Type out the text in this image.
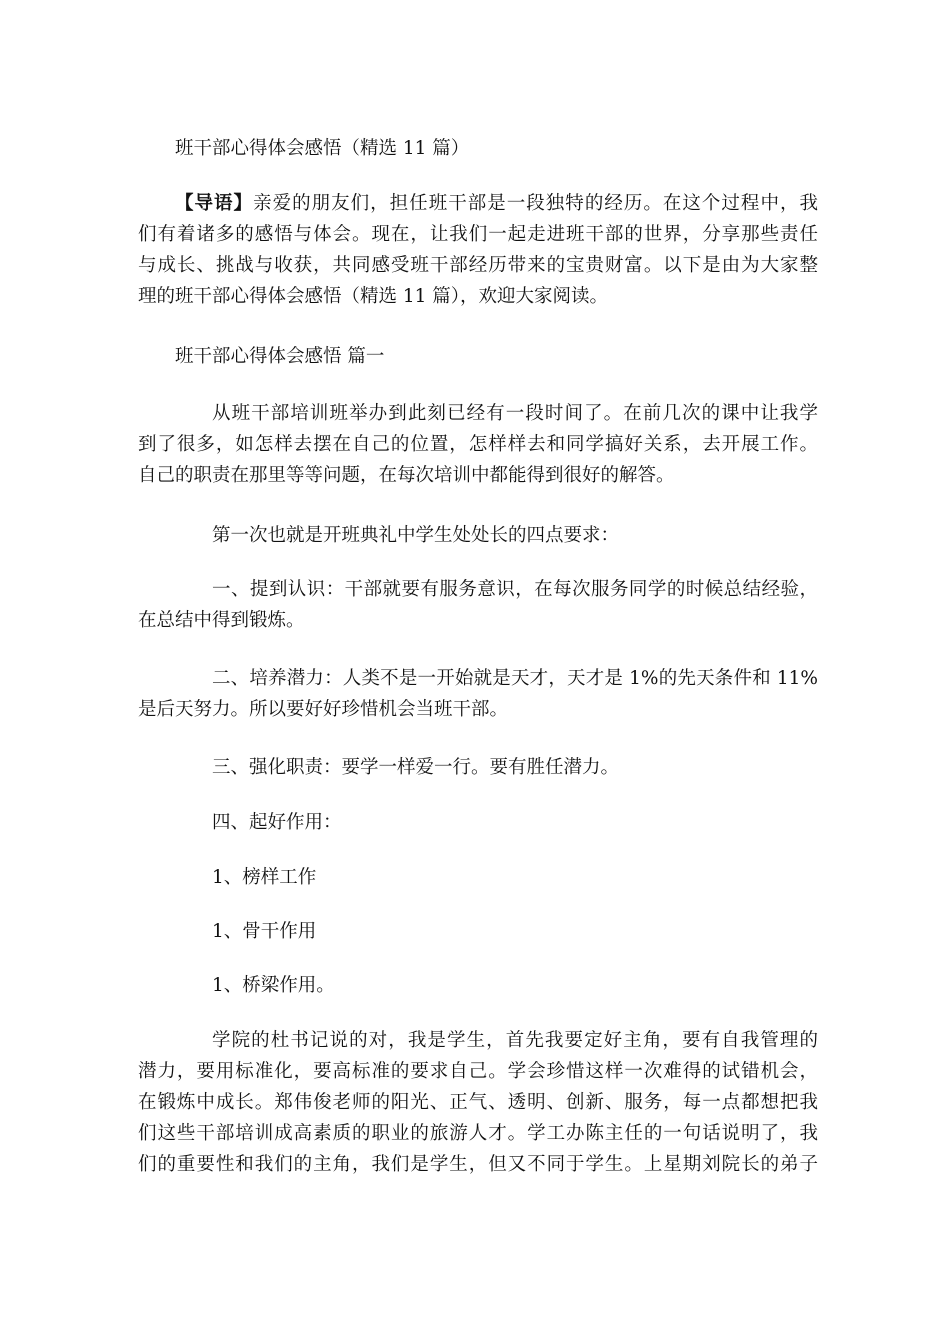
班干部心得体会感悟（精选 11 篇）

【导语】亲爱的朋友们，担任班干部是一段独特的经历。在这个过程中，我
们有着诸多的感悟与体会。现在，让我们一起走进班干部的世界，分享那些责任
与成长、挑战与收获，共同感受班干部经历带来的宝贵财富。以下是由为大家整
理的班干部心得体会感悟（精选 11 篇），欢迎大家阅读。

班干部心得体会感悟 篇一

从班干部培训班举办到此刻已经有一段时间了。在前几次的课中让我学
到了很多，如怎样去摆在自己的位置，怎样样去和同学搞好关系，去开展工作。
自己的职责在那里等等问题，在每次培训中都能得到很好的解答。
第一次也就是开班典礼中学生处处长的四点要求：
一、提到认识：干部就要有服务意识，在每次服务同学的时候总结经验，
在总结中得到锻炼。
二、培养潜力：人类不是一开始就是天才，天才是 1%的先天条件和 11%
是后天努力。所以要好好珍惜机会当班干部。
三、强化职责：要学一样爱一行。要有胜任潜力。
四、起好作用：
1、榜样工作
1、骨干作用
1、桥梁作用。
学院的杜书记说的对，我是学生，首先我要定好主角，要有自我管理的
潜力，要用标准化，要高标准的要求自己。学会珍惜这样一次难得的试错机会，
在锻炼中成长。郑伟俊老师的阳光、正气、透明、创新、服务，每一点都想把我
们这些干部培训成高素质的职业的旅游人才。学工办陈主任的一句话说明了，我
们的重要性和我们的主角，我们是学生，但又不同于学生。上星期刘院长的弟子
